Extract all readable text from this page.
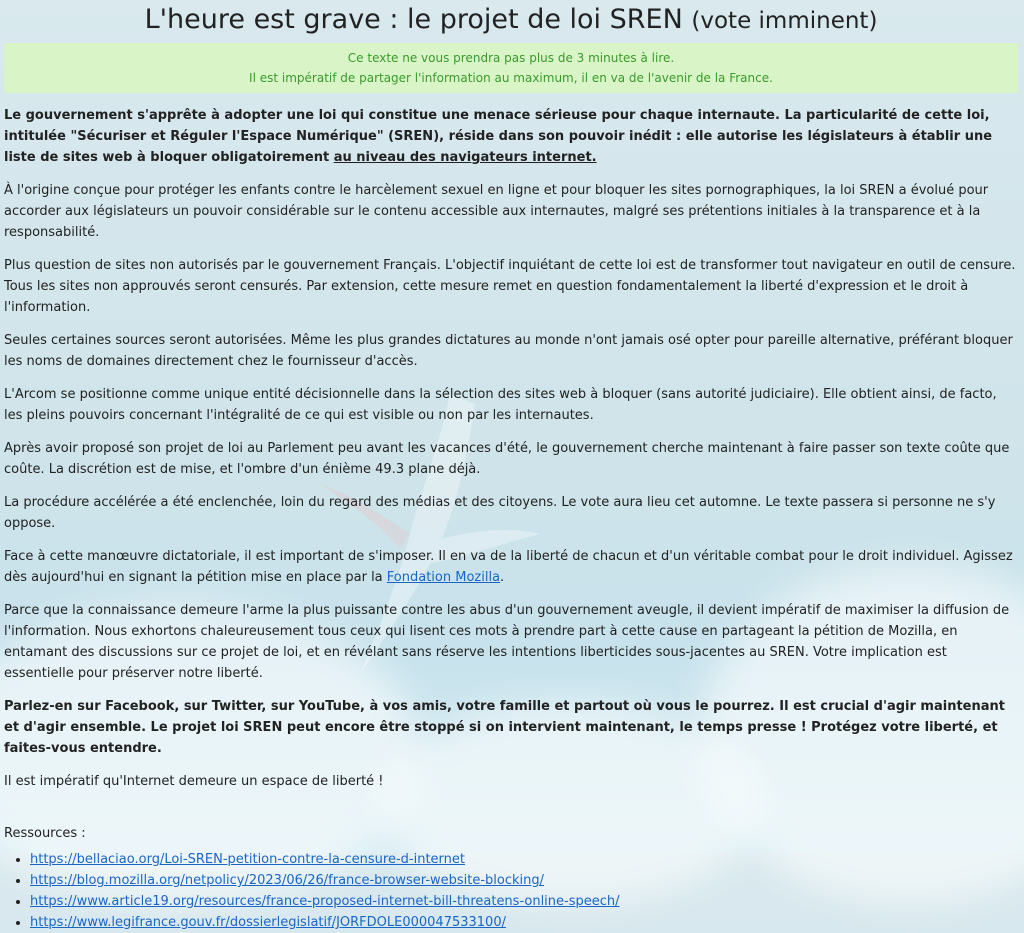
L'heure est grave : le projet de loi SREN (vote imminent)
Ce texte ne vous prendra pas plus de 3 minutes à lire.
Il est impératif de partager l'information au maximum, il en va de l'avenir de la France.

Le gouvernement s'apprête à adopter une loi qui constitue une menace sérieuse pour chaque internaute. La particularité de cette loi, intitulée "Sécuriser et Réguler l'Espace Numérique" (SREN), réside dans son pouvoir inédit : elle autorise les législateurs à établir une liste de sites web à bloquer obligatoirement au niveau des navigateurs internet.

À l'origine conçue pour protéger les enfants contre le harcèlement sexuel en ligne et pour bloquer les sites pornographiques, la loi SREN a évolué pour accorder aux législateurs un pouvoir considérable sur le contenu accessible aux internautes, malgré ses prétentions initiales à la transparence et à la responsabilité.

Plus question de sites non autorisés par le gouvernement Français. L'objectif inquiétant de cette loi est de transformer tout navigateur en outil de censure. Tous les sites non approuvés seront censurés. Par extension, cette mesure remet en question fondamentalement la liberté d'expression et le droit à l'information.

Seules certaines sources seront autorisées. Même les plus grandes dictatures au monde n'ont jamais osé opter pour pareille alternative, préférant bloquer les noms de domaines directement chez le fournisseur d'accès.

L'Arcom se positionne comme unique entité décisionnelle dans la sélection des sites web à bloquer (sans autorité judiciaire). Elle obtient ainsi, de facto, les pleins pouvoirs concernant l'intégralité de ce qui est visible ou non par les internautes.

Après avoir proposé son projet de loi au Parlement peu avant les vacances d'été, le gouvernement cherche maintenant à faire passer son texte coûte que coûte. La discrétion est de mise, et l'ombre d'un énième 49.3 plane déjà.

La procédure accélérée a été enclenchée, loin du regard des médias et des citoyens. Le vote aura lieu cet automne. Le texte passera si personne ne s'y oppose.

Face à cette manœuvre dictatoriale, il est important de s'imposer. Il en va de la liberté de chacun et d'un véritable combat pour le droit individuel. Agissez dès aujourd'hui en signant la pétition mise en place par la Fondation Mozilla.

Parce que la connaissance demeure l'arme la plus puissante contre les abus d'un gouvernement aveugle, il devient impératif de maximiser la diffusion de l'information. Nous exhortons chaleureusement tous ceux qui lisent ces mots à prendre part à cette cause en partageant la pétition de Mozilla, en entamant des discussions sur ce projet de loi, et en révélant sans réserve les intentions liberticides sous-jacentes au SREN. Votre implication est essentielle pour préserver notre liberté.

Parlez-en sur Facebook, sur Twitter, sur YouTube, à vos amis, votre famille et partout où vous le pourrez. Il est crucial d'agir maintenant et d'agir ensemble. Le projet loi SREN peut encore être stoppé si on intervient maintenant, le temps presse ! Protégez votre liberté, et faites-vous entendre.

Il est impératif qu'Internet demeure un espace de liberté !

Ressources :
• https://bellaciao.org/Loi-SREN-petition-contre-la-censure-d-internet
• https://blog.mozilla.org/netpolicy/2023/06/26/france-browser-website-blocking/
• https://www.article19.org/resources/france-proposed-internet-bill-threatens-online-speech/
• https://www.legifrance.gouv.fr/dossierlegislatif/JORFDOLE000047533100/
